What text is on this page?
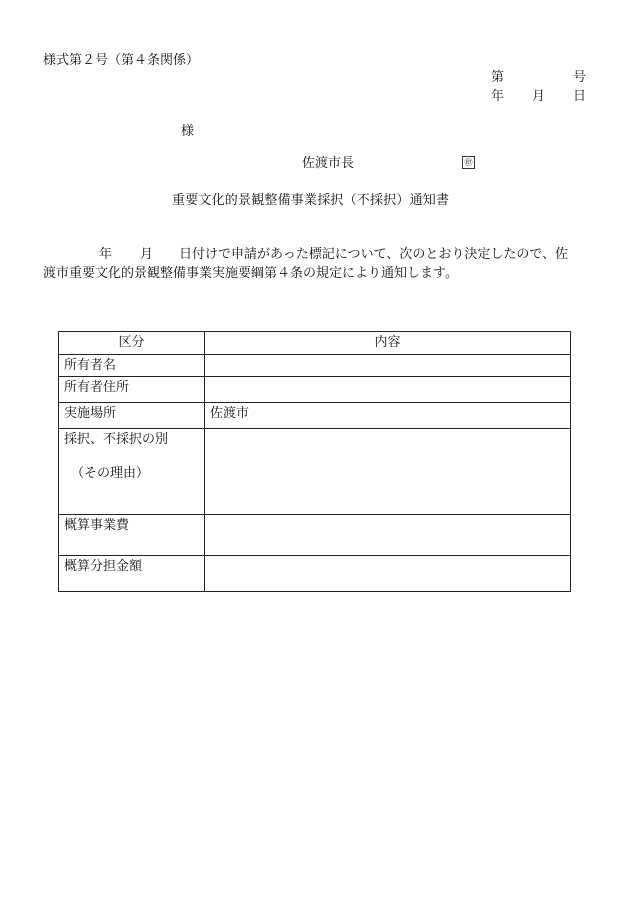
様式第２号（第４条関係）
第	号
年 月 日
様
佐渡市長	㊞
重要文化的景観整備事業採択（不採択）通知書
年 月 日付けで申請があった標記について、次のとおり決定したので、佐
渡市重要文化的景観整備事業実施要綱第４条の規定により通知します。
区分	内容

所有者名	

所有者住所	

実施場所	佐渡市

採択、不採択の別
（その理由）	

概算事業費	

概算分担金額	
